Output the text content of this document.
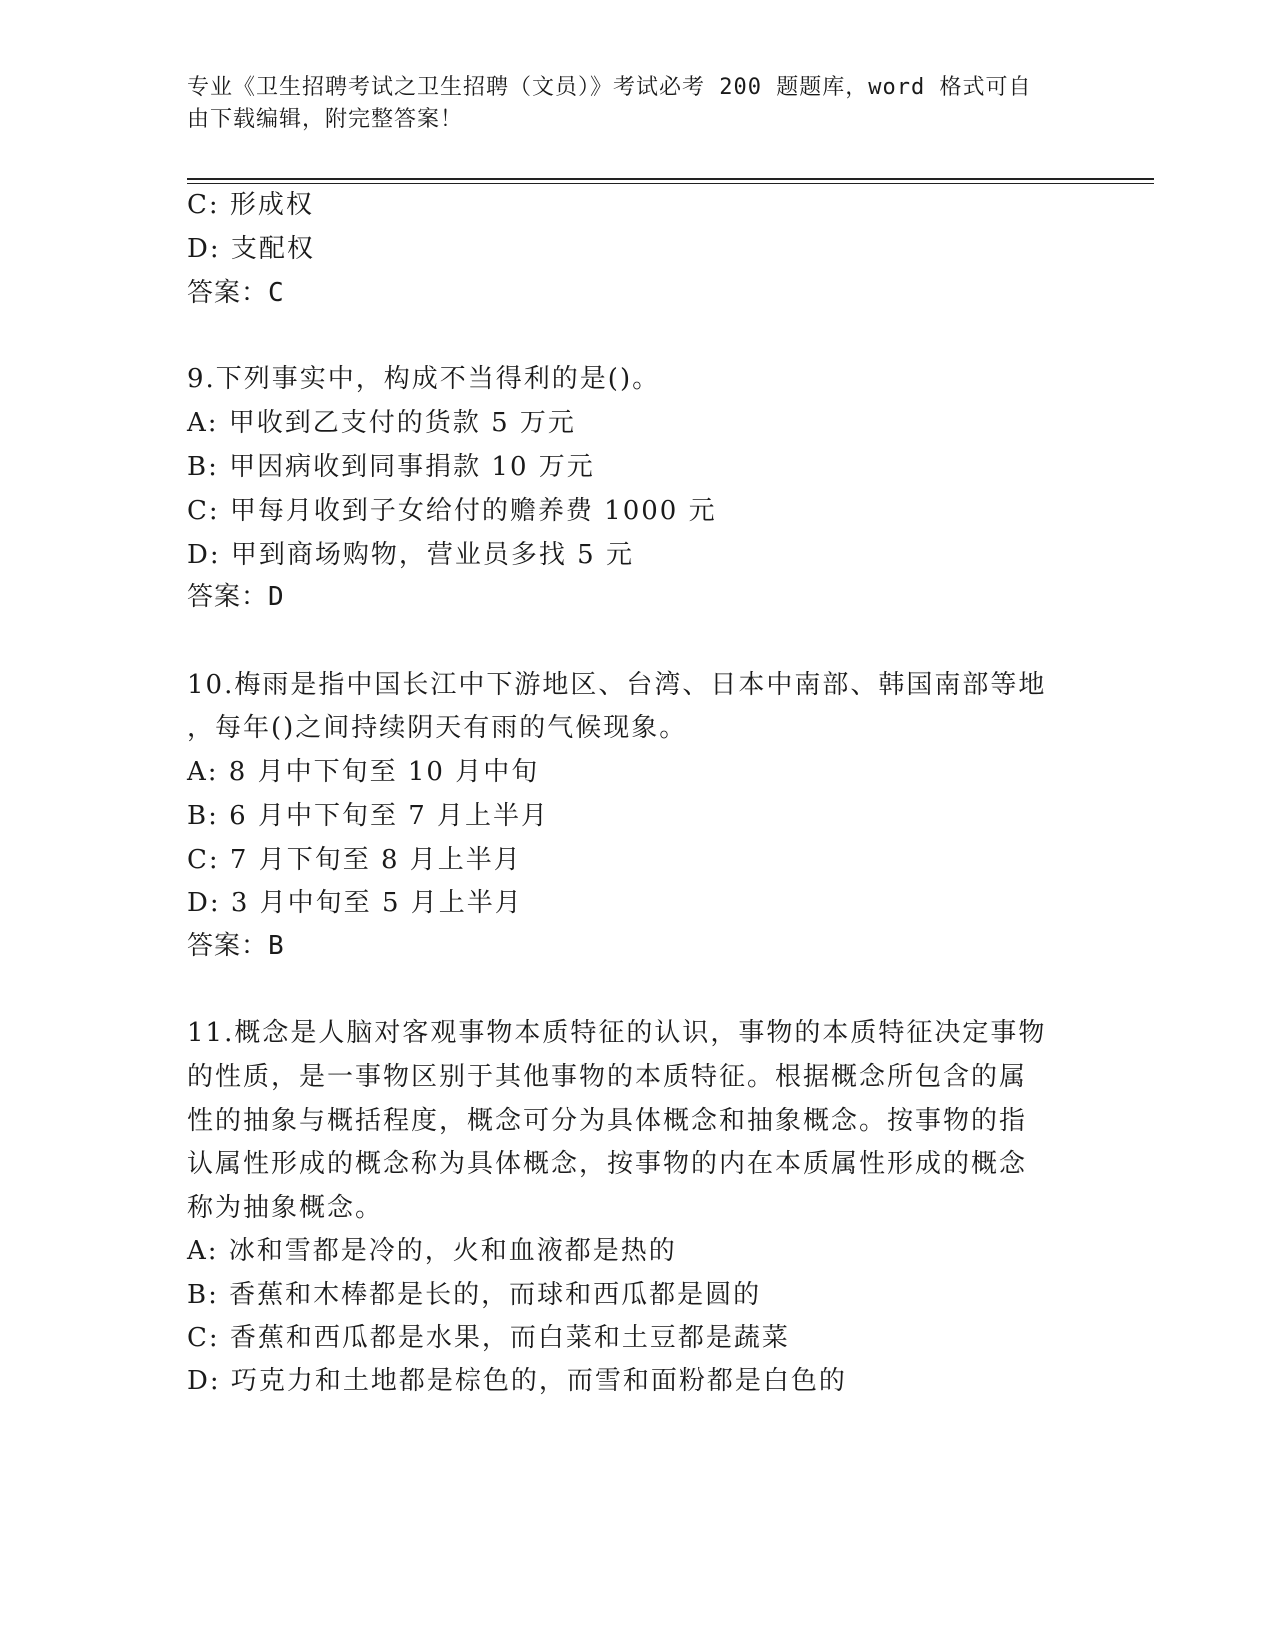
专业《卫生招聘考试之卫生招聘（文员）》考试必考 200 题题库，word 格式可自
由下载编辑，附完整答案！
C: 形成权
D: 支配权
答案：C
9.下列事实中，构成不当得利的是()。
A: 甲收到乙支付的货款 5 万元
B: 甲因病收到同事捐款 10 万元
C: 甲每月收到子女给付的赡养费 1000 元
D: 甲到商场购物，营业员多找 5 元
答案：D
10.梅雨是指中国长江中下游地区、台湾、日本中南部、韩国南部等地
，每年()之间持续阴天有雨的气候现象。
A: 8 月中下旬至 10 月中旬
B: 6 月中下旬至 7 月上半月
C: 7 月下旬至 8 月上半月
D: 3 月中旬至 5 月上半月
答案：B
11.概念是人脑对客观事物本质特征的认识，事物的本质特征决定事物
的性质，是一事物区别于其他事物的本质特征。根据概念所包含的属
性的抽象与概括程度，概念可分为具体概念和抽象概念。按事物的指
认属性形成的概念称为具体概念，按事物的内在本质属性形成的概念
称为抽象概念。
A: 冰和雪都是冷的，火和血液都是热的
B: 香蕉和木棒都是长的，而球和西瓜都是圆的
C: 香蕉和西瓜都是水果，而白菜和土豆都是蔬菜
D: 巧克力和土地都是棕色的，而雪和面粉都是白色的
